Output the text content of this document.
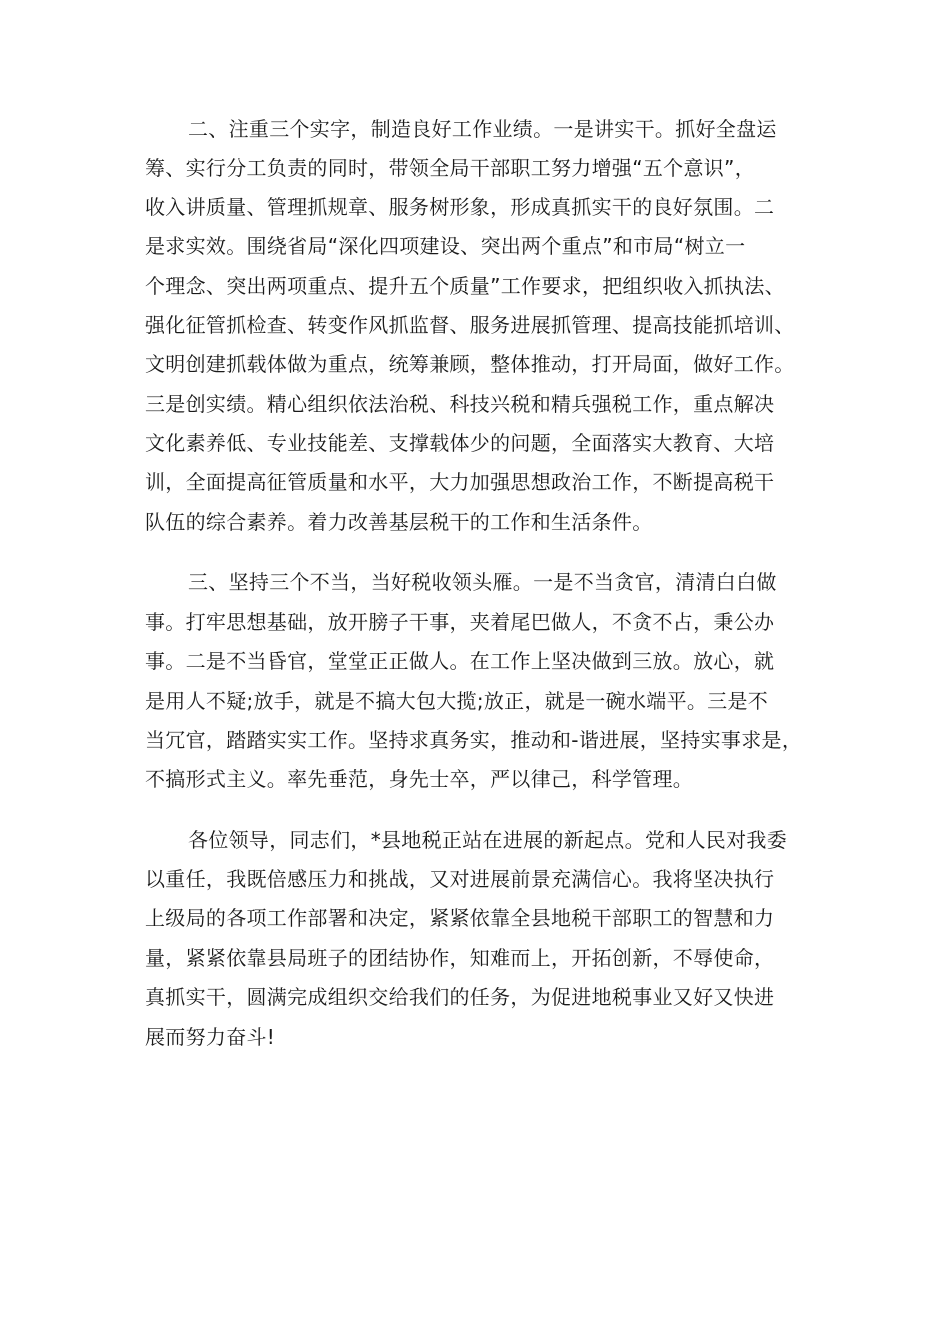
二、注重三个实字，制造良好工作业绩。一是讲实干。抓好全盘运
筹、实行分工负责的同时，带领全局干部职工努力增强“五个意识”，
收入讲质量、管理抓规章、服务树形象，形成真抓实干的良好氛围。二
是求实效。围绕省局“深化四项建设、突出两个重点”和市局“树立一
个理念、突出两项重点、提升五个质量”工作要求，把组织收入抓执法、
强化征管抓检查、转变作风抓监督、服务进展抓管理、提高技能抓培训、
文明创建抓载体做为重点，统筹兼顾，整体推动，打开局面，做好工作。
三是创实绩。精心组织依法治税、科技兴税和精兵强税工作，重点解决
文化素养低、专业技能差、支撑载体少的问题，全面落实大教育、大培
训，全面提高征管质量和水平，大力加强思想政治工作，不断提高税干
队伍的综合素养。着力改善基层税干的工作和生活条件。
三、坚持三个不当，当好税收领头雁。一是不当贪官，清清白白做
事。打牢思想基础，放开膀子干事，夹着尾巴做人，不贪不占，秉公办
事。二是不当昏官，堂堂正正做人。在工作上坚决做到三放。放心，就
是用人不疑;放手，就是不搞大包大揽;放正，就是一碗水端平。三是不
当冗官，踏踏实实工作。坚持求真务实，推动和-谐进展，坚持实事求是，
不搞形式主义。率先垂范，身先士卒，严以律己，科学管理。
各位领导，同志们，*县地税正站在进展的新起点。党和人民对我委
以重任，我既倍感压力和挑战，又对进展前景充满信心。我将坚决执行
上级局的各项工作部署和决定，紧紧依靠全县地税干部职工的智慧和力
量，紧紧依靠县局班子的团结协作，知难而上，开拓创新，不辱使命，
真抓实干，圆满完成组织交给我们的任务，为促进地税事业又好又快进
展而努力奋斗!
